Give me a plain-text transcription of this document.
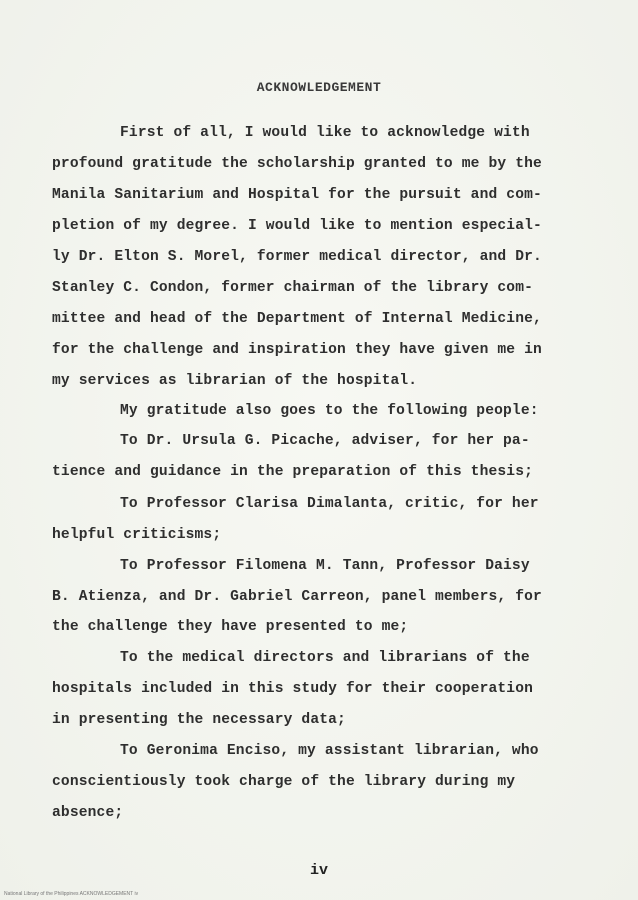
ACKNOWLEDGEMENT
First of all, I would like to acknowledge with
profound gratitude the scholarship granted to me by the
Manila Sanitarium and Hospital for the pursuit and com-
pletion of my degree. I would like to mention especial-
ly Dr. Elton S. Morel, former medical director, and Dr.
Stanley C. Condon, former chairman of the library com-
mittee and head of the Department of Internal Medicine,
for the challenge and inspiration they have given me in
my services as librarian of the hospital.
My gratitude also goes to the following people:
To Dr. Ursula G. Picache, adviser, for her pa-
tience and guidance in the preparation of this thesis;
To Professor Clarisa Dimalanta, critic, for her
helpful criticisms;
To Professor Filomena M. Tann, Professor Daisy
B. Atienza, and Dr. Gabriel Carreon, panel members, for
the challenge they have presented to me;
To the medical directors and librarians of the
hospitals included in this study for their cooperation
in presenting the necessary data;
To Geronima Enciso, my assistant librarian, who
conscientiously took charge of the library during my
absence;
iv
National Library of the Philippines ACKNOWLEDGEMENT iv
